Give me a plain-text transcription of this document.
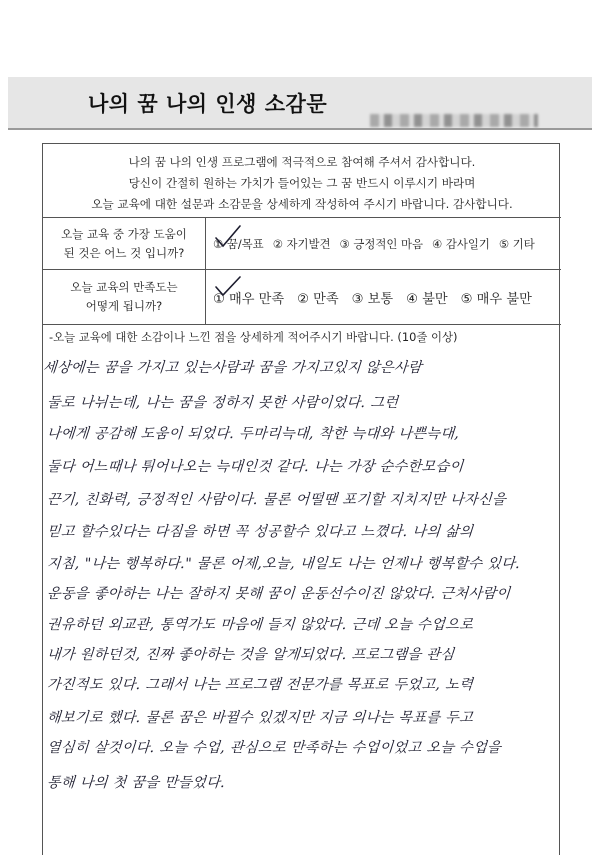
나의 꿈 나의 인생 소감문
나의 꿈 나의 인생 프로그램에 적극적으로 참여해 주셔서 감사합니다.
당신이 간절히 원하는 가치가 들어있는 그 꿈 반드시 이루시기 바라며
오늘 교육에 대한 설문과 소감문을 상세하게 작성하여 주시기 바랍니다. 감사합니다.
오늘 교육 중 가장 도움이
된 것은 어느 것 입니까?
① 꿈/목표 ② 자기발견 ③ 긍정적인 마음 ④ 감사일기 ⑤ 기타
오늘 교육의 만족도는
어떻게 됩니까?	① 매우 만족 ② 만족 ③ 보통 ④ 불만 ⑤ 매우 불만
-오늘 교육에 대한 소감이나 느낀 점을 상세하게 적어주시기 바랍니다. (10줄 이상)
세상에는 꿈을 가지고 있는사람과 꿈을 가지고있지 않은사람
둘로 나뉘는데, 나는 꿈을 정하지 못한 사람이었다. 그런
나에게 공감해 도움이 되었다. 두마리늑대, 착한 늑대와 나쁜늑대,
둘다 어느때나 튀어나오는 늑대인것 같다. 나는 가장 순수한모습이
끈기, 친화력, 긍정적인 사람이다. 물론 어떨땐 포기할 지치지만 나자신을
믿고 할수있다는 다짐을 하면 꼭 성공할수 있다고 느꼈다. 나의 삶의
지침, "나는 행복하다." 물론 어제,오늘, 내일도 나는 언제나 행복할수 있다.
운동을 좋아하는 나는 잘하지 못해 꿈이 운동선수이진 않았다. 근처사람이
권유하던 외교관, 통역가도 마음에 들지 않았다. 근데 오늘 수업으로
내가 원하던것, 진짜 좋아하는 것을 알게되었다. 프로그램을 관심
가진적도 있다. 그래서 나는 프로그램 전문가를 목표로 두었고, 노력
해보기로 했다. 물론 꿈은 바뀔수 있겠지만 지금 의나는 목표를 두고
열심히 살것이다. 오늘 수업, 관심으로 만족하는 수업이었고 오늘 수업을
통해 나의 첫 꿈을 만들었다.
